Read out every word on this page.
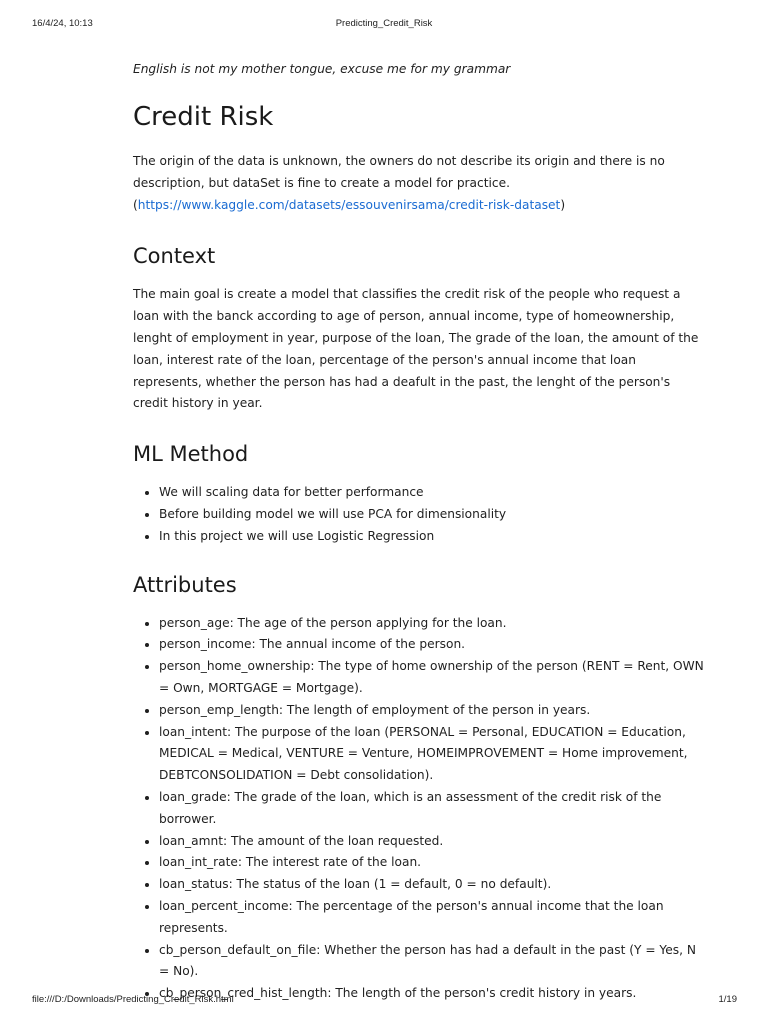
16/4/24, 10:13	Predicting_Credit_Risk

English is not my mother tongue, excuse me for my grammar

Credit Risk

The origin of the data is unknown, the owners do not describe its origin and there is no description, but dataSet is fine to create a model for practice.
(https://www.kaggle.com/datasets/essouvenirsama/credit-risk-dataset)

Context

The main goal is create a model that classifies the credit risk of the people who request a loan with the banck according to age of person, annual income, type of homeownership, lenght of employment in year, purpose of the loan, The grade of the loan, the amount of the loan, interest rate of the loan, percentage of the person's annual income that loan represents, whether the person has had a deafult in the past, the lenght of the person's credit history in year.

ML Method
• We will scaling data for better performance
• Before building model we will use PCA for dimensionality
• In this project we will use Logistic Regression
Attributes
• person_age: The age of the person applying for the loan.
• person_income: The annual income of the person.
• person_home_ownership: The type of home ownership of the person (RENT = Rent, OWN = Own, MORTGAGE = Mortgage).
• person_emp_length: The length of employment of the person in years.
• loan_intent: The purpose of the loan (PERSONAL = Personal, EDUCATION = Education, MEDICAL = Medical, VENTURE = Venture, HOMEIMPROVEMENT = Home improvement, DEBTCONSOLIDATION = Debt consolidation).
• loan_grade: The grade of the loan, which is an assessment of the credit risk of the borrower.
• loan_amnt: The amount of the loan requested.
• loan_int_rate: The interest rate of the loan.
• loan_status: The status of the loan (1 = default, 0 = no default).
• loan_percent_income: The percentage of the person's annual income that the loan represents.
• cb_person_default_on_file: Whether the person has had a default in the past (Y = Yes, N = No).
• cb_person_cred_hist_length: The length of the person's credit history in years.
file:///D:/Downloads/Predicting_Credit_Risk.html	1/19
